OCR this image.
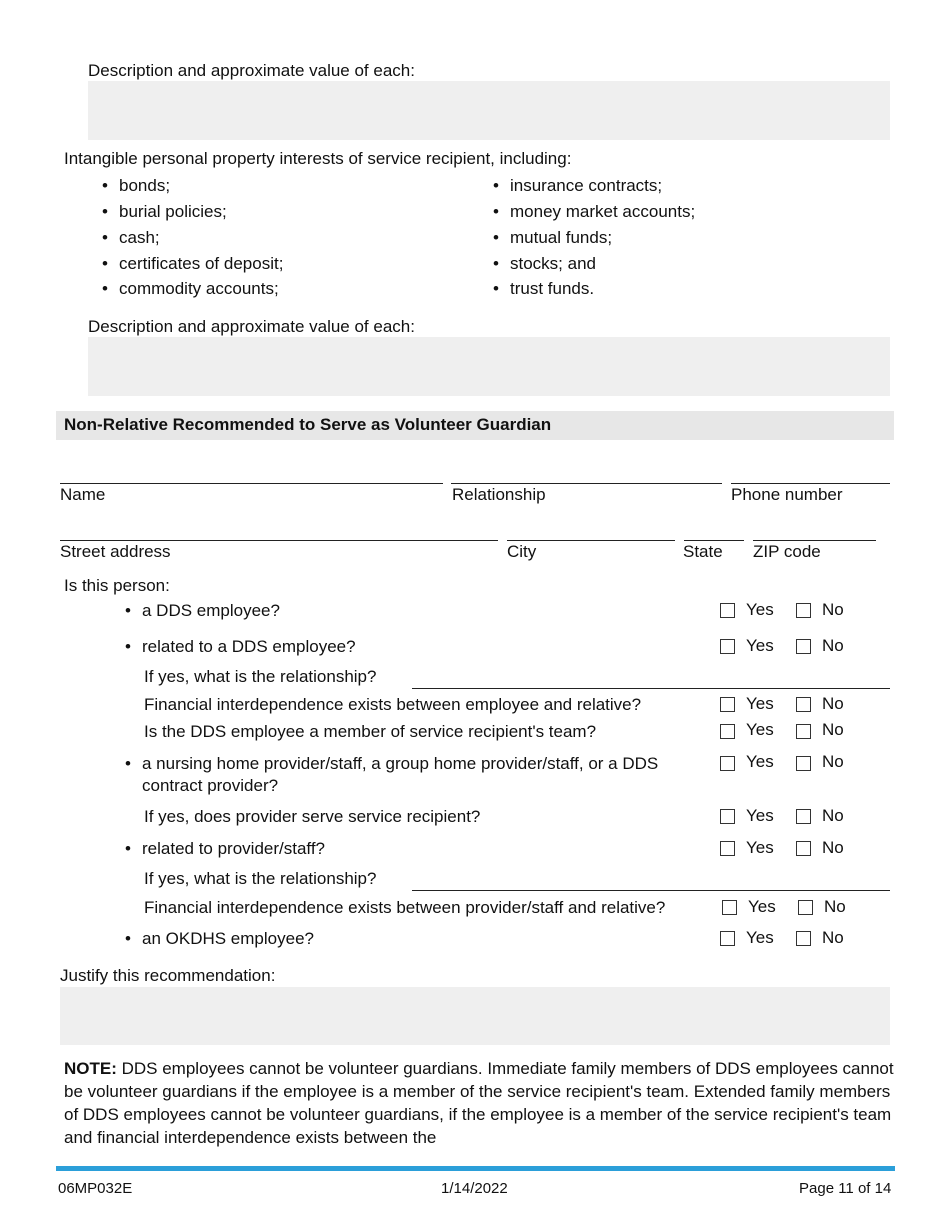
Description and approximate value of each:
Intangible personal property interests of service recipient, including:
• bonds;
• burial policies;
• cash;
• certificates of deposit;
• commodity accounts;
• insurance contracts;
• money market accounts;
• mutual funds;
• stocks; and
• trust funds.
Description and approximate value of each:
Non-Relative Recommended to Serve as Volunteer Guardian
Name	Relationship	Phone number
Street address	City	State ZIP code
Is this person:
• a DDS employee?	Yes	No
• related to a DDS employee?	Yes	No
If yes, what is the relationship?
Financial interdependence exists between employee and relative?	Yes	No
Is the DDS employee a member of service recipient's team?	Yes	No
• a nursing home provider/staff, a group home provider/staff, or a DDS
contract provider?
Yes	No
If yes, does provider serve service recipient?	Yes	No
• related to provider/staff?	Yes	No
If yes, what is the relationship?
Financial interdependence exists between provider/staff and relative?	Yes	No
• an OKDHS employee?	Yes	No
Justify this recommendation:
NOTE: DDS employees cannot be volunteer guardians. Immediate family members of DDS employees cannot be volunteer guardians if the employee is a member of the service recipient's team. Extended family members of DDS employees cannot be volunteer guardians, if the employee is a member of the service recipient's team and financial interdependence exists between the
06MP032E	1/14/2022	Page 11 of 14
